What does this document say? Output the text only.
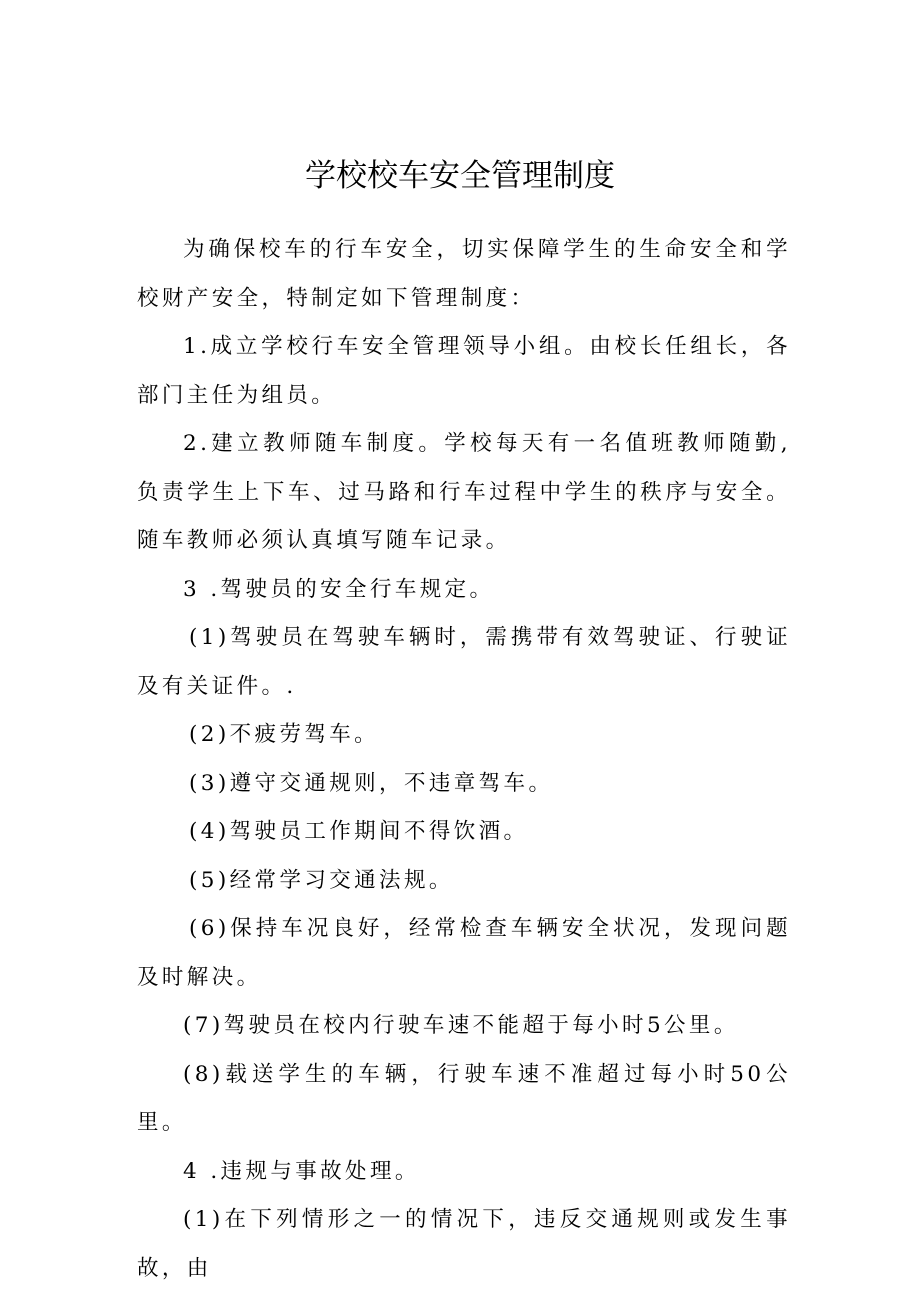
学校校车安全管理制度

为确保校车的行车安全，切实保障学生的生命安全和学校财产安全，特制定如下管理制度：

1.成立学校行车安全管理领导小组。由校长任组长，各部门主任为组员。

2.建立教师随车制度。学校每天有一名值班教师随勤,负责学生上下车、过马路和行车过程中学生的秩序与安全。随车教师必须认真填写随车记录。

3 .驾驶员的安全行车规定。

(1)驾驶员在驾驶车辆时，需携带有效驾驶证、行驶证及有关证件。.

(2)不疲劳驾车。

(3)遵守交通规则，不违章驾车。

(4)驾驶员工作期间不得饮酒。

(5)经常学习交通法规。

(6)保持车况良好，经常检查车辆安全状况，发现问题及时解决。

(7)驾驶员在校内行驶车速不能超于每小时5公里。

(8)载送学生的车辆，行驶车速不准超过每小时50公里。

4 .违规与事故处理。

(1)在下列情形之一的情况下，违反交通规则或发生事故，由
